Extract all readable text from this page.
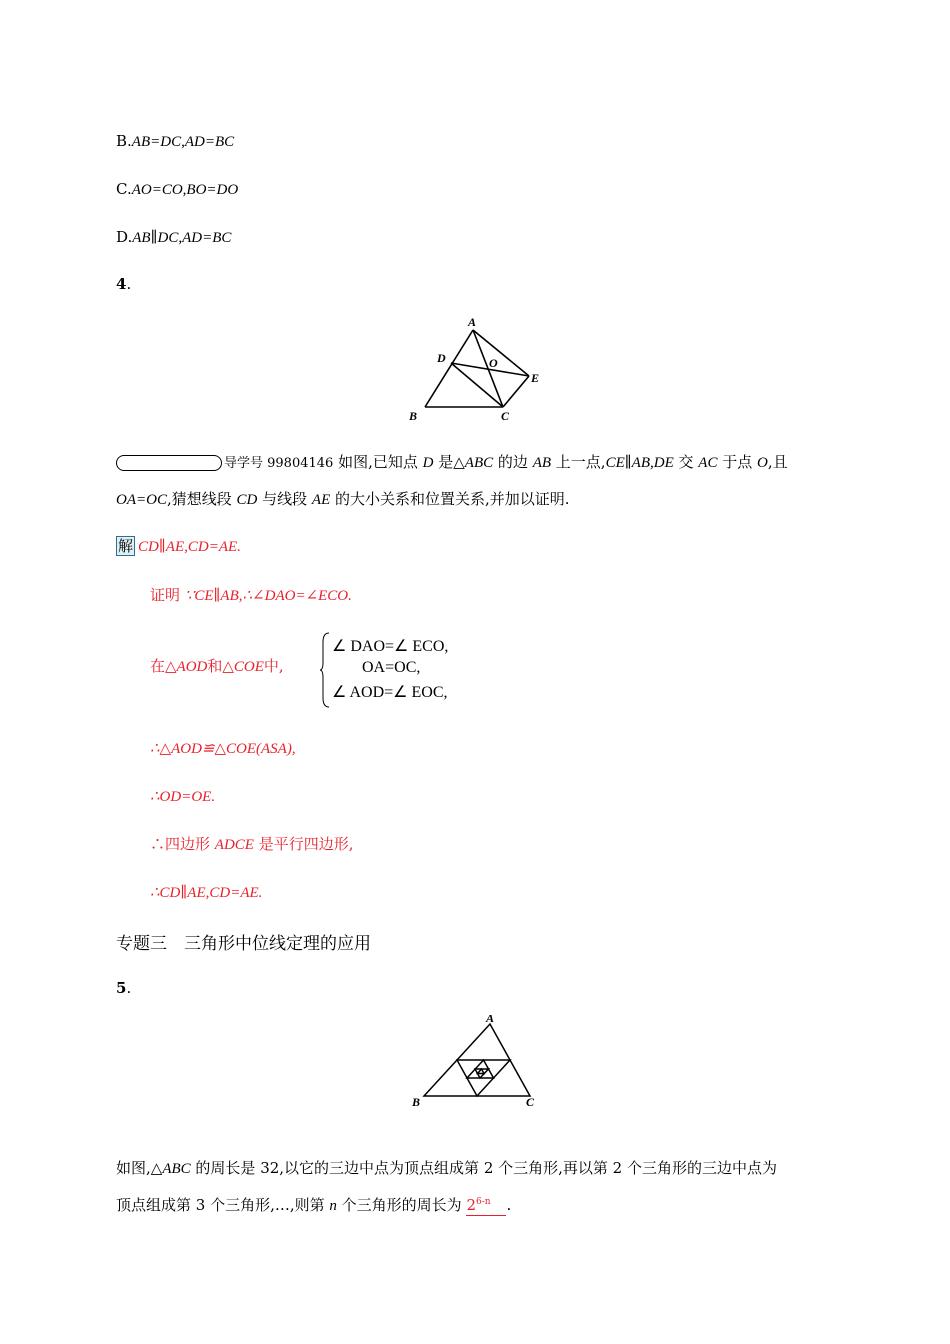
B.AB=DC,AD=BC
C.AO=CO,BO=DO
D.AB∥DC,AD=BC
4.
A
B	C
D
E
O
导学号 99804146 如图,已知点 D 是△ABC 的边 AB 上一点,CE∥AB,DE 交 AC 于点 O,且
OA=OC,猜想线段 CD 与线段 AE 的大小关系和位置关系,并加以证明.
解 CD∥AE,CD=AE.
证明 ∵CE∥AB,∴∠DAO=∠ECO.
在△AOD和△COE中,
∠ DAO=∠ ECO,
OA=OC,
∠ AOD=∠ EOC,
∴△AOD≌△COE(ASA),
∴OD=OE.
∴四边形 ADCE 是平行四边形,
∴CD∥AE,CD=AE.
专题三　三角形中位线定理的应用
5.
A
B	C
如图,△ABC 的周长是 32,以它的三边中点为顶点组成第 2 个三角形,再以第 2 个三角形的三边中点为
顶点组成第 3 个三角形,…,则第 n 个三角形的周长为 2$^{6-n}$ .
